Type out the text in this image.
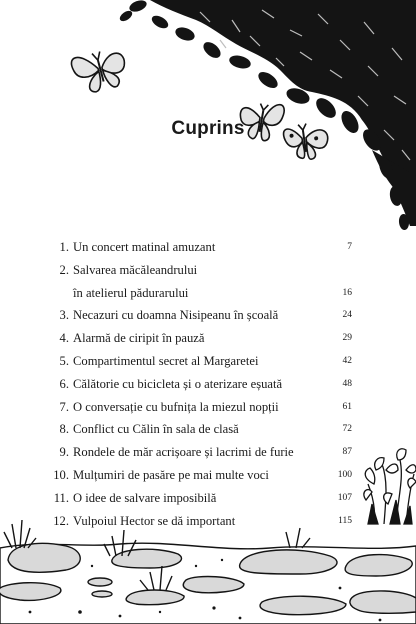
Cuprins
1. Un concert matinal amuzant	7
2. Salvarea măcăleandrului
în atelierul pădurarului	16
3. Necazuri cu doamna Nisipeanu în școală	24
4. Alarmă de ciripit în pauză	29
5. Compartimentul secret al Margaretei	42
6. Călătorie cu bicicleta și o aterizare eșuată	48
7. O conversație cu bufnița la miezul nopții	61
8. Conflict cu Călin în sala de clasă	72
9. Rondele de măr acrișoare și lacrimi de furie	87
10. Mulțumiri de pasăre pe mai multe voci	100
11. O idee de salvare imposibilă	107
12. Vulpoiul Hector se dă important	115
